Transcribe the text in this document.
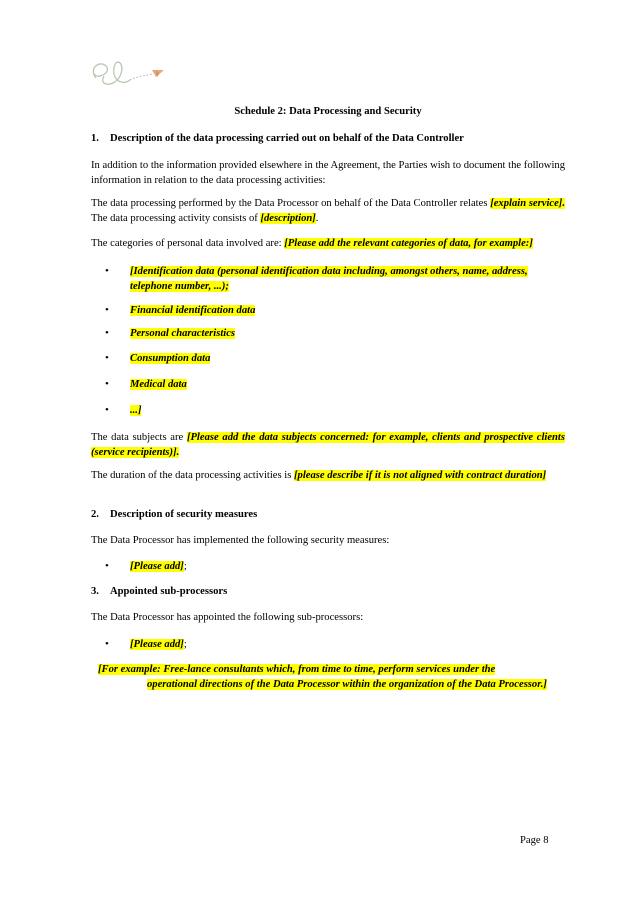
Schedule 2: Data Processing and Security
1. Description of the data processing carried out on behalf of the Data Controller
In addition to the information provided elsewhere in the Agreement, the Parties wish to document the following information in relation to the data processing activities:
The data processing performed by the Data Processor on behalf of the Data Controller relates [explain service]. The data processing activity consists of [description].
The categories of personal data involved are: [Please add the relevant categories of data, for example:]
•	[Identification data (personal identification data including, amongst others, name, address, telephone number, ...);
•	Financial identification data
•	Personal characteristics
•	Consumption data
•	Medical data
•	...]
The data subjects are [Please add the data subjects concerned: for example, clients and prospective clients (service recipients)].
The duration of the data processing activities is [please describe if it is not aligned with contract duration]
2. Description of security measures
The Data Processor has implemented the following security measures:
•	[Please add];
3. Appointed sub-processors
The Data Processor has appointed the following sub-processors:
•	[Please add];
[For example: Free-lance consultants which, from time to time, perform services under the
operational directions of the Data Processor within the organization of the Data Processor.]
Page 8
